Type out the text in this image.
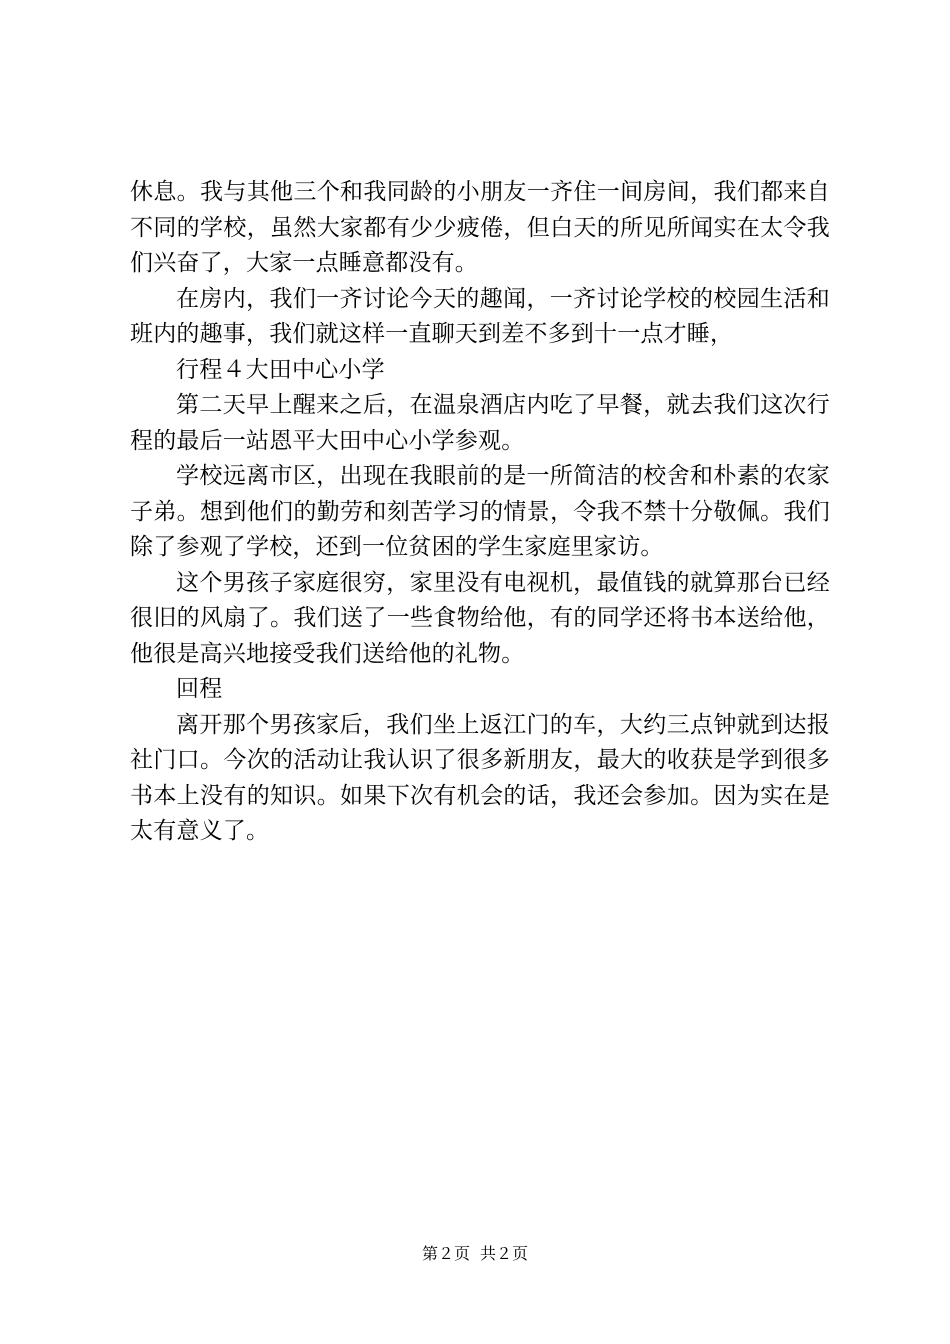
休息。我与其他三个和我同龄的小朋友一齐住一间房间，我们都来自不同的学校，虽然大家都有少少疲倦，但白天的所见所闻实在太令我们兴奋了，大家一点睡意都没有。

在房内，我们一齐讨论今天的趣闻，一齐讨论学校的校园生活和班内的趣事，我们就这样一直聊天到差不多到十一点才睡，

行程４大田中心小学

第二天早上醒来之后，在温泉酒店内吃了早餐，就去我们这次行程的最后一站恩平大田中心小学参观。

学校远离市区，出现在我眼前的是一所简洁的校舍和朴素的农家子弟。想到他们的勤劳和刻苦学习的情景，令我不禁十分敬佩。我们除了参观了学校，还到一位贫困的学生家庭里家访。

这个男孩子家庭很穷，家里没有电视机，最值钱的就算那台已经很旧的风扇了。我们送了一些食物给他，有的同学还将书本送给他，他很是高兴地接受我们送给他的礼物。

回程

离开那个男孩家后，我们坐上返江门的车，大约三点钟就到达报社门口。今次的活动让我认识了很多新朋友，最大的收获是学到很多书本上没有的知识。如果下次有机会的话，我还会参加。因为实在是太有意义了。

第２页 共２页
